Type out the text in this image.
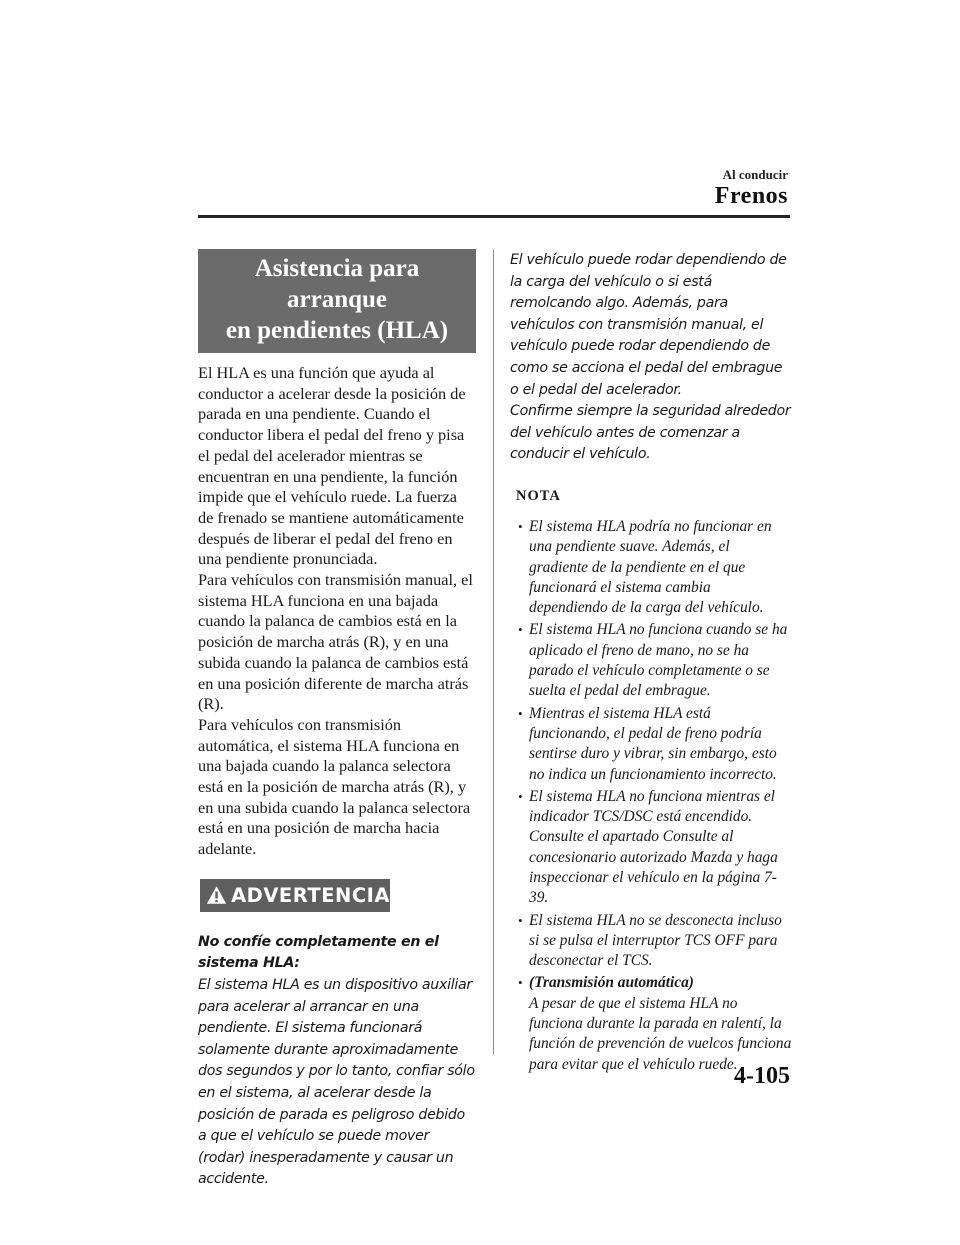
Al conducir
Frenos
Asistencia para arranque
en pendientes (HLA)

El HLA es una función que ayuda al conductor a acelerar desde la posición de parada en una pendiente. Cuando el conductor libera el pedal del freno y pisa el pedal del acelerador mientras se encuentran en una pendiente, la función impide que el vehículo ruede. La fuerza de frenado se mantiene automáticamente después de liberar el pedal del freno en una pendiente pronunciada.

Para vehículos con transmisión manual, el sistema HLA funciona en una bajada cuando la palanca de cambios está en la posición de marcha atrás (R), y en una subida cuando la palanca de cambios está en una posición diferente de marcha atrás (R).

Para vehículos con transmisión automática, el sistema HLA funciona en una bajada cuando la palanca selectora está en la posición de marcha atrás (R), y en una subida cuando la palanca selectora está en una posición de marcha hacia adelante.

ADVERTENCIA

No confíe completamente en el sistema HLA:

El sistema HLA es un dispositivo auxiliar para acelerar al arrancar en una pendiente. El sistema funcionará solamente durante aproximadamente dos segundos y por lo tanto, confiar sólo en el sistema, al acelerar desde la posición de parada es peligroso debido a que el vehículo se puede mover (rodar) inesperadamente y causar un accidente.

El vehículo puede rodar dependiendo de la carga del vehículo o si está remolcando algo. Además, para vehículos con transmisión manual, el vehículo puede rodar dependiendo de como se acciona el pedal del embrague o el pedal del acelerador.

Confirme siempre la seguridad alrededor del vehículo antes de comenzar a conducir el vehículo.

NOTA
• El sistema HLA podría no funcionar en una pendiente suave. Además, el gradiente de la pendiente en el que funcionará el sistema cambia dependiendo de la carga del vehículo.
• El sistema HLA no funciona cuando se ha aplicado el freno de mano, no se ha parado el vehículo completamente o se suelta el pedal del embrague.
• Mientras el sistema HLA está funcionando, el pedal de freno podría sentirse duro y vibrar, sin embargo, esto no indica un funcionamiento incorrecto.
• El sistema HLA no funciona mientras el indicador TCS/DSC está encendido. Consulte el apartado Consulte al concesionario autorizado Mazda y haga inspeccionar el vehículo en la página 7-39.
• El sistema HLA no se desconecta incluso si se pulsa el interruptor TCS OFF para desconectar el TCS.
• (Transmisión automática)
A pesar de que el sistema HLA no funciona durante la parada en ralentí, la función de prevención de vuelcos funciona para evitar que el vehículo ruede.
4-105
